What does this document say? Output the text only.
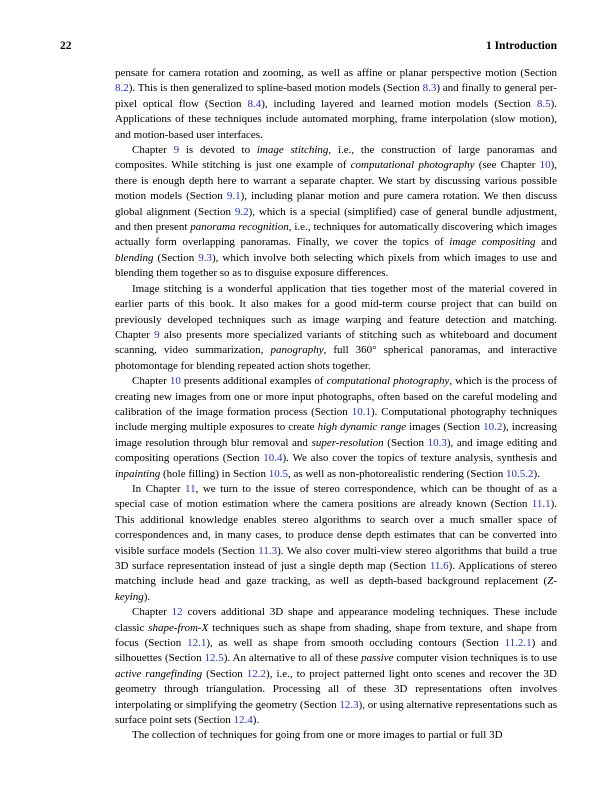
22	1 Introduction

pensate for camera rotation and zooming, as well as affine or planar perspective motion (Section 8.2). This is then generalized to spline-based motion models (Section 8.3) and finally to general per-pixel optical flow (Section 8.4), including layered and learned motion models (Section 8.5). Applications of these techniques include automated morphing, frame interpolation (slow motion), and motion-based user interfaces.

Chapter 9 is devoted to image stitching, i.e., the construction of large panoramas and composites. While stitching is just one example of computational photography (see Chapter 10), there is enough depth here to warrant a separate chapter. We start by discussing various possible motion models (Section 9.1), including planar motion and pure camera rotation. We then discuss global alignment (Section 9.2), which is a special (simplified) case of general bundle adjustment, and then present panorama recognition, i.e., techniques for automatically discovering which images actually form overlapping panoramas. Finally, we cover the topics of image compositing and blending (Section 9.3), which involve both selecting which pixels from which images to use and blending them together so as to disguise exposure differences.

Image stitching is a wonderful application that ties together most of the material covered in earlier parts of this book. It also makes for a good mid-term course project that can build on previously developed techniques such as image warping and feature detection and matching. Chapter 9 also presents more specialized variants of stitching such as whiteboard and document scanning, video summarization, panography, full 360° spherical panoramas, and interactive photomontage for blending repeated action shots together.

Chapter 10 presents additional examples of computational photography, which is the process of creating new images from one or more input photographs, often based on the careful modeling and calibration of the image formation process (Section 10.1). Computational photography techniques include merging multiple exposures to create high dynamic range images (Section 10.2), increasing image resolution through blur removal and super-resolution (Section 10.3), and image editing and compositing operations (Section 10.4). We also cover the topics of texture analysis, synthesis and inpainting (hole filling) in Section 10.5, as well as non-photorealistic rendering (Section 10.5.2).

In Chapter 11, we turn to the issue of stereo correspondence, which can be thought of as a special case of motion estimation where the camera positions are already known (Section 11.1). This additional knowledge enables stereo algorithms to search over a much smaller space of correspondences and, in many cases, to produce dense depth estimates that can be converted into visible surface models (Section 11.3). We also cover multi-view stereo algorithms that build a true 3D surface representation instead of just a single depth map (Section 11.6). Applications of stereo matching include head and gaze tracking, as well as depth-based background replacement (Z-keying).

Chapter 12 covers additional 3D shape and appearance modeling techniques. These include classic shape-from-X techniques such as shape from shading, shape from texture, and shape from focus (Section 12.1), as well as shape from smooth occluding contours (Section 11.2.1) and silhouettes (Section 12.5). An alternative to all of these passive computer vision techniques is to use active rangefinding (Section 12.2), i.e., to project patterned light onto scenes and recover the 3D geometry through triangulation. Processing all of these 3D representations often involves interpolating or simplifying the geometry (Section 12.3), or using alternative representations such as surface point sets (Section 12.4).

The collection of techniques for going from one or more images to partial or full 3D
